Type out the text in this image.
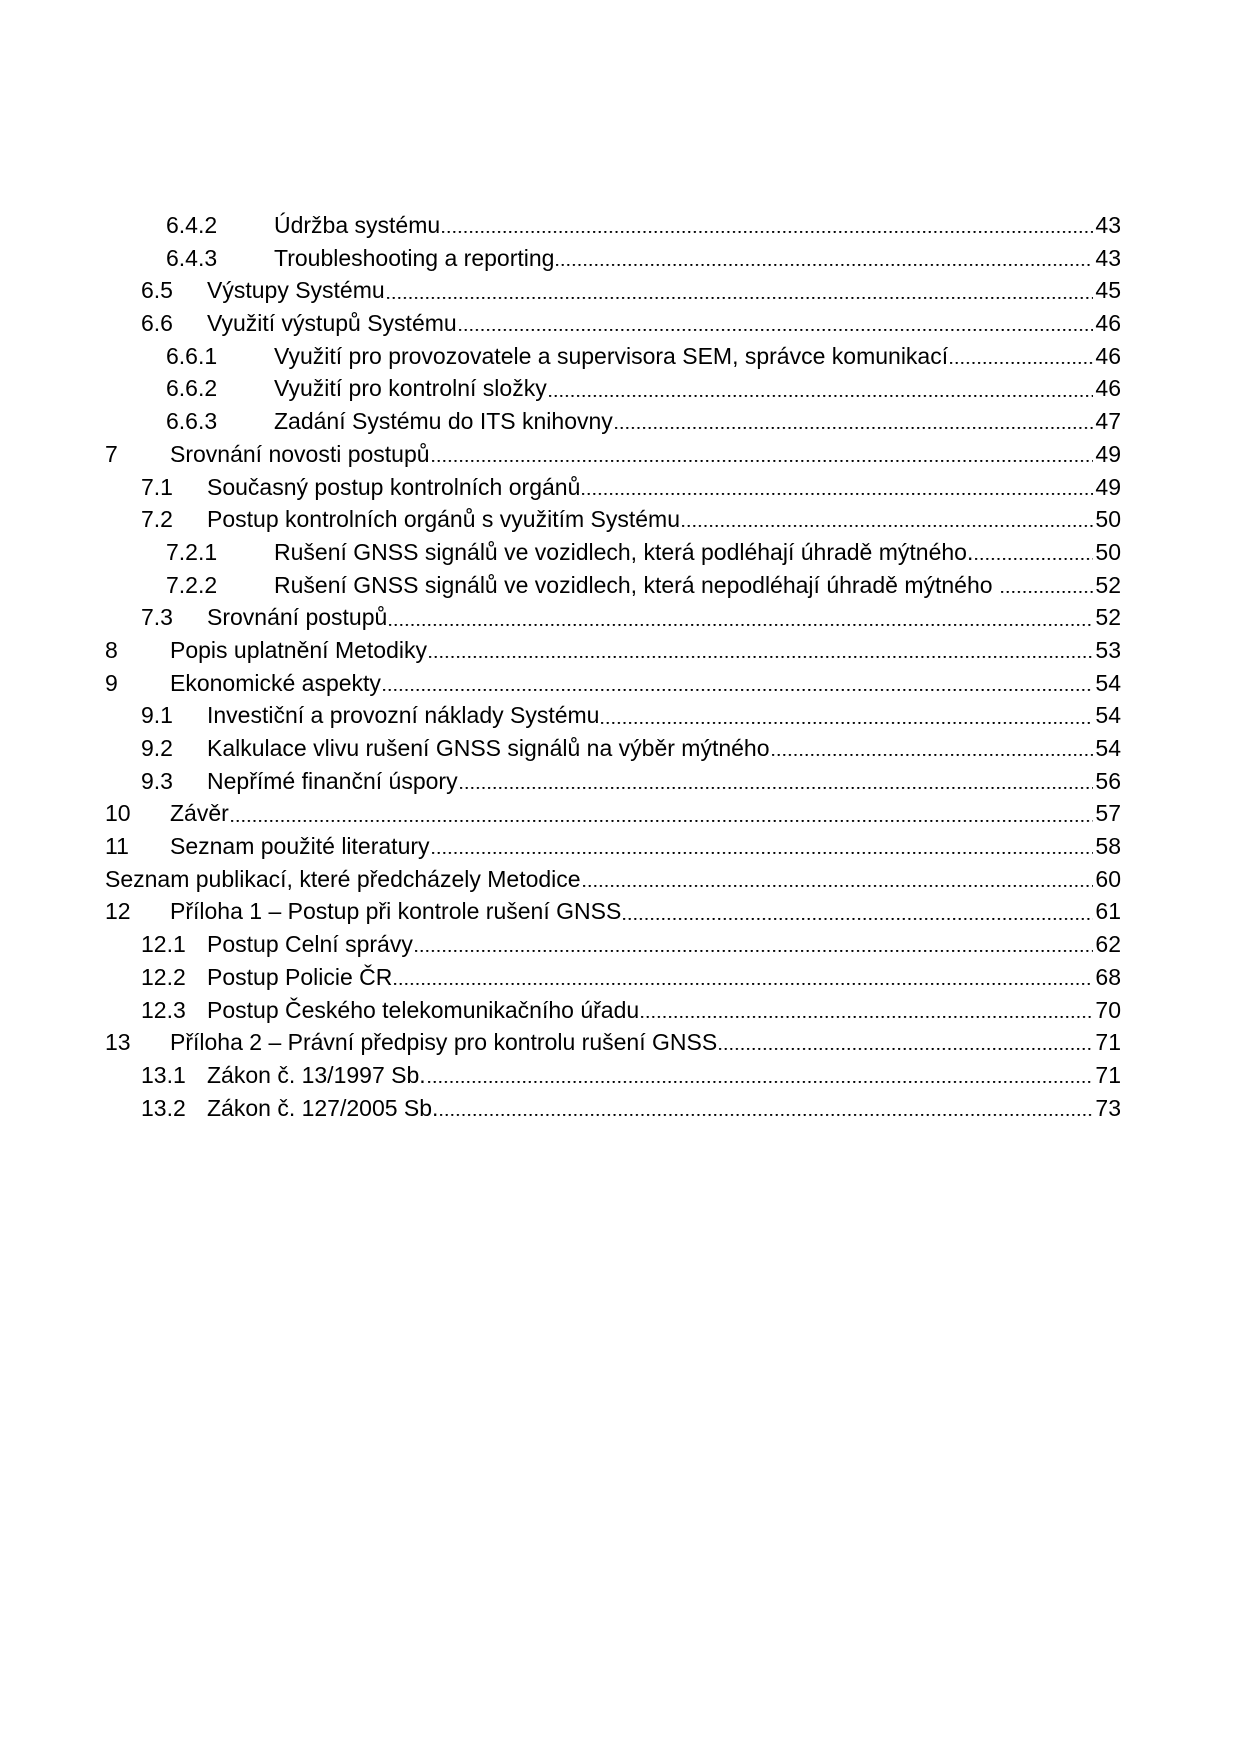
6.4.2	Údržba systému	43
6.4.3	Troubleshooting a reporting	43
6.5	Výstupy Systému	45
6.6	Využití výstupů Systému	46
6.6.1	Využití pro provozovatele a supervisora SEM, správce komunikací	46
6.6.2	Využití pro kontrolní složky	46
6.6.3	Zadání Systému do ITS knihovny	47
7	Srovnání novosti postupů	49
7.1	Současný postup kontrolních orgánů	49
7.2	Postup kontrolních orgánů s využitím Systému	50
7.2.1	Rušení GNSS signálů ve vozidlech, která podléhají úhradě mýtného.	50
7.2.2	Rušení GNSS signálů ve vozidlech, která nepodléhají úhradě mýtného	52
7.3	Srovnání postupů	52
8	Popis uplatnění Metodiky	53
9	Ekonomické aspekty	54
9.1	Investiční a provozní náklady Systému	54
9.2	Kalkulace vlivu rušení GNSS signálů na výběr mýtného	54
9.3	Nepřímé finanční úspory	56
10	Závěr	57
11	Seznam použité literatury	58
Seznam publikací, které předcházely Metodice	60
12	Příloha 1 – Postup při kontrole rušení GNSS	61
12.1 Postup Celní správy	62
12.2 Postup Policie ČR	68
12.3 Postup Českého telekomunikačního úřadu	70
13	Příloha 2 – Právní předpisy pro kontrolu rušení GNSS	71
13.1 Zákon č. 13/1997 Sb.	71
13.2 Zákon č. 127/2005 Sb.	73
